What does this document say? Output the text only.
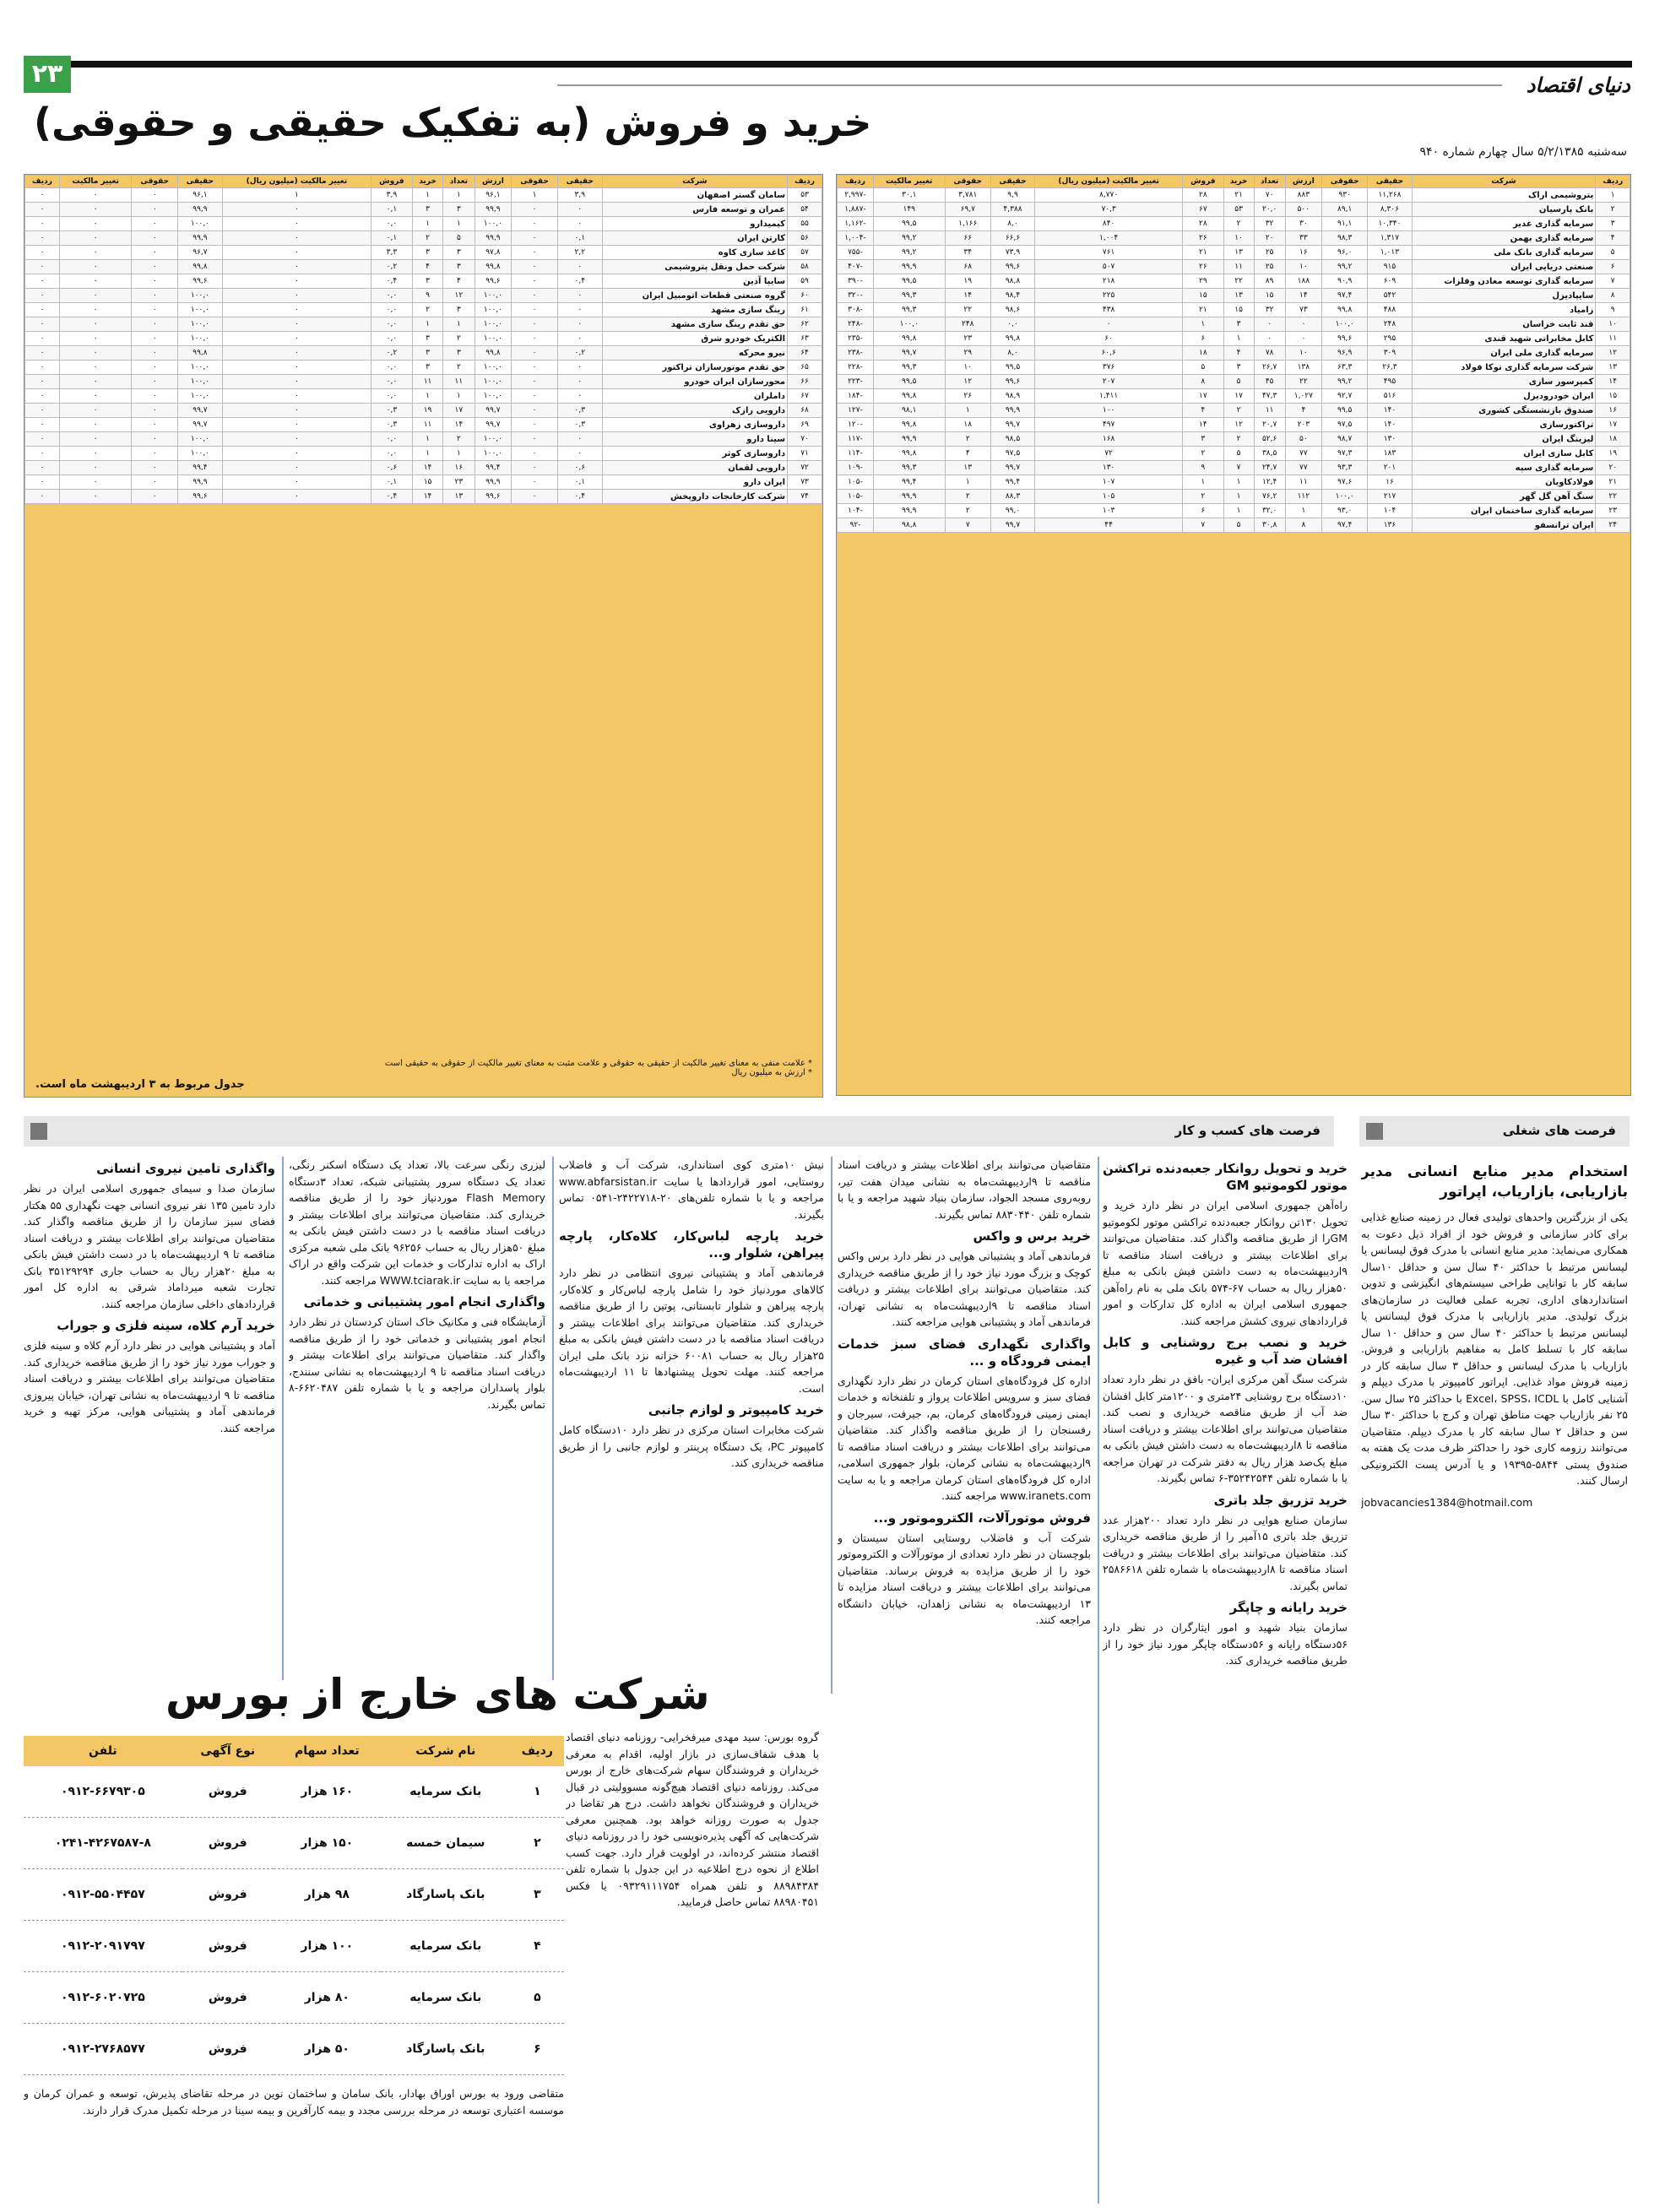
۲۳	دنیای اقتصاد
خرید و فروش (به تفکیک حقیقی و حقوقی)
سه‌شنبه ۵/۲/۱۳۸۵ سال چهارم شماره ۹۴۰
ردیف	شرکت	حقیقی	حقوقی	ارزش	تعداد	خرید	فروش	تغییر مالکیت (میلیون ریال)	حقیقی	حقوقی	تغییر مالکیت	ردیف
۱	پتروشیمی اراک	۱۱,۲۶۸	۹۳۰	۸۸۳	۷۰	۲۱	۲۸	۸,۷۷۰	۹,۹	۳,۷۸۱	۳۰,۱	-۲,۹۹۷
۲	بانک پارسیان	۸,۳۰۶	۸۹,۱	۵۰۰	۲۰,۰	۵۳	۶۷	۷۰,۳	۴,۳۸۸	۶۹,۷	۱۴۹	-۱,۸۸۷
۳	سرمایه گذاری غدیر	۱۰,۳۴۰	۹۱,۱	۳۰	۳۲	۲	۲۸	۸۴۰	۸,۰	۱,۱۶۶	۹۹,۵	-۱,۱۶۲
۴	سرمایه گذاری بهمن	۱,۳۱۷	۹۸,۳	۳۳	۲۰	۱۰	۲۶	۱,۰۰۴	۶۶,۶	۶۶	۹۹,۲	-۱,۰۰۴
۵	سرمایه گذاری بانک ملی	۱,۰۱۳	۹۶,۰	۱۶	۲۵	۱۳	۲۱	۷۶۱	۷۳,۹	۳۴	۹۹,۲	-۷۵۵
۶	صنعتی دریایی ایران	۹۱۵	۹۹,۲	۱۰	۲۵	۱۱	۲۶	۵۰۷	۹۹,۶	۶۸	۹۹,۹	-۴۰۷
۷	سرمایه گذاری توسعه معادن وفلزات	۶۰۹	۹۰,۹	۱۸۸	۸۹	۲۲	۲۹	۲۱۸	۹۸,۸	۱۹	۹۹,۵	-۳۹۰
۸	سایپادیزل	۵۴۲	۹۷,۴	۱۴	۱۵	۱۳	۱۵	۲۲۵	۹۸,۴	۱۴	۹۹,۳	-۳۲۰
۹	زامیاد	۴۸۸	۹۹,۸	۷۳	۳۲	۱۵	۲۱	۴۳۸	۹۸,۶	۲۲	۹۹,۳	-۳۰۸
۱۰	قند ثابت خراسان	۲۴۸	۱۰۰,۰	۰	۰	۳	۱	۰	۰,۰	۲۴۸	۱۰۰,۰	-۲۴۸
۱۱	کابل مخابراتی شهید قندی	۲۹۵	۹۹,۶	۰	۰	۱	۶	۶۰	۹۹,۸	۲۳	۹۹,۸	-۲۳۵
۱۲	سرمایه گذاری ملی ایران	۳۰۹	۹۶,۹	۱۰	۷۸	۴	۱۸	۶۰,۶	۸,۰	۲۹	۹۹,۷	-۲۳۸
۱۳	شرکت سرمایه گذاری توکا فولاد	۲۶,۳	۶۳,۳	۱۳۸	۲۶,۷	۳	۵	۳۷۶	۹۹,۵	۱۰	۹۹,۳	-۲۲۸
۱۴	کمپرسور سازی	۴۹۵	۹۹,۲	۲۲	۴۵	۵	۸	۲۰۷	۹۹,۶	۱۲	۹۹,۵	-۲۲۳
۱۵	ایران خودرودیزل	۵۱۶	۹۲,۷	۱,۰۲۷	۴۷,۳	۱۷	۱۷	۱,۴۱۱	۹۸,۹	۲۶	۹۹,۸	-۱۸۴
۱۶	صندوق بازنشستگی کشوری	۱۴۰	۹۹,۵	۴	۱۱	۲	۴	۱۰۰	۹۹,۹	۱	۹۸,۱	-۱۲۷
۱۷	تراکتورسازی	۱۴۰	۹۷,۵	۲۰۳	۲۰,۷	۱۲	۱۴	۴۹۷	۹۹,۷	۱۸	۹۹,۸	-۱۲۰
۱۸	لیزینگ ایران	۱۳۰	۹۸,۷	۵۰	۵۲,۶	۲	۳	۱۶۸	۹۸,۵	۲	۹۹,۹	-۱۱۷
۱۹	کابل سازی ایران	۱۸۳	۹۷,۳	۷۷	۳۸,۵	۵	۲	۷۲	۹۷,۵	۴	۹۹,۸	-۱۱۴
۲۰	سرمایه گذاری سپه	۲۰۱	۹۳,۳	۷۷	۲۴,۷	۷	۹	۱۳۰	۹۹,۷	۱۳	۹۹,۳	-۱۰۹
۲۱	فولادکاویان	۱۶	۹۷,۶	۱۱	۱۲,۴	۱	۱	۱۰۷	۹۹,۴	۱	۹۹,۴	-۱۰۵
۲۲	سنگ آهن گل گهر	۲۱۷	۱۰۰,۰	۱۱۲	۷۶,۲	۱	۲	۱۰۵	۸۸,۳	۲	۹۹,۹	-۱۰۵
۲۳	سرمایه گذاری ساختمان ایران	۱۰۴	۹۳,۰	۱	۳۲,۰	۱	۶	۱۰۳	۹۹,۰	۲	۹۹,۹	-۱۰۴
۲۴	ایران ترانسفو	۱۳۶	۹۷,۴	۸	۳۰,۸	۵	۷	۴۴	۹۹,۷	۷	۹۸,۸	-۹۲
ردیف	شرکت	حقیقی	حقوقی	ارزش	تعداد	خرید	فروش	تغییر مالکیت (میلیون ریال)	حقیقی	حقوقی	تغییر مالکیت	ردیف
۵۳	سامان گستر اصفهان	۳,۹	۱	۹۶,۱	۱	۱	۳,۹	۱	۹۶,۱	۰	۰	۰
۵۴	عمران و توسعه فارس	۰	۰	۹۹,۹	۳	۳	۰,۱	۰	۹۹,۹	۰	۰	۰
۵۵	کیمیدارو	۰	۰	۱۰۰,۰	۱	۱	۰,۰	۰	۱۰۰,۰	۰	۰	۰
۵۶	کارتن ایران	۰,۱	۰	۹۹,۹	۵	۲	۰,۱	۰	۹۹,۹	۰	۰	۰
۵۷	کاغذ سازی کاوه	۲,۲	۰	۹۷,۸	۳	۳	۳,۳	۰	۹۶,۷	۰	۰	۰
۵۸	شرکت حمل ونقل پتروشیمی	۰	۰	۹۹,۸	۳	۴	۰,۲	۰	۹۹,۸	۰	۰	۰
۵۹	سایپا آذین	۰,۴	۰	۹۹,۶	۴	۳	۰,۴	۰	۹۹,۶	۰	۰	۰
۶۰	گروه صنعتی قطعات اتومبیل ایران	۰	۰	۱۰۰,۰	۱۲	۹	۰,۰	۰	۱۰۰,۰	۰	۰	۰
۶۱	رینگ سازی مشهد	۰	۰	۱۰۰,۰	۳	۲	۰,۰	۰	۱۰۰,۰	۰	۰	۰
۶۲	حق تقدم رینگ سازی مشهد	۰	۰	۱۰۰,۰	۱	۱	۰,۰	۰	۱۰۰,۰	۰	۰	۰
۶۳	الکتریک خودرو شرق	۰	۰	۱۰۰,۰	۲	۳	۰,۰	۰	۱۰۰,۰	۰	۰	۰
۶۴	نیرو محرکه	۰,۲	۰	۹۹,۸	۳	۳	۰,۲	۰	۹۹,۸	۰	۰	۰
۶۵	حق تقدم موتورسازان تراکتور	۰	۰	۱۰۰,۰	۲	۳	۰,۰	۰	۱۰۰,۰	۰	۰	۰
۶۶	محورسازان ایران خودرو	۰	۰	۱۰۰,۰	۱۱	۱۱	۰,۰	۰	۱۰۰,۰	۰	۰	۰
۶۷	داملران	۰	۰	۱۰۰,۰	۱	۱	۰,۰	۰	۱۰۰,۰	۰	۰	۰
۶۸	دارویی رازک	۰,۳	۰	۹۹,۷	۱۷	۱۹	۰,۳	۰	۹۹,۷	۰	۰	۰
۶۹	داروسازی زهراوی	۰,۳	۰	۹۹,۷	۱۴	۱۱	۰,۳	۰	۹۹,۷	۰	۰	۰
۷۰	سینا دارو	۰	۰	۱۰۰,۰	۲	۱	۰,۰	۰	۱۰۰,۰	۰	۰	۰
۷۱	داروسازی کوثر	۰	۰	۱۰۰,۰	۱	۱	۰,۰	۰	۱۰۰,۰	۰	۰	۰
۷۲	دارویی لقمان	۰,۶	۰	۹۹,۴	۱۶	۱۴	۰,۶	۰	۹۹,۴	۰	۰	۰
۷۳	ایران دارو	۰,۱	۰	۹۹,۹	۲۳	۱۵	۰,۱	۰	۹۹,۹	۰	۰	۰
۷۴	شرکت کارخانجات داروپخش	۰,۴	۰	۹۹,۶	۱۳	۱۴	۰,۴	۰	۹۹,۶	۰	۰	۰
* علامت منفی به معنای تغییر مالکیت از حقیقی به حقوقی و علامت مثبت به معنای تغییر مالکیت از حقوقی به حقیقی است
* ارزش به میلیون ریال
جدول مربوط به ۳ اردیبهشت ماه است.
فرصت های کسب و کار	فرصت های شغلی
استخدام مدیر منابع انسانی مدیر بازاریابی، بازاریاب، اپراتور

یکی از بزرگترین واحدهای تولیدی فعال در زمینه صنایع غذایی برای کادر سازمانی و فروش خود از افراد ذیل دعوت به همکاری می‌نماید: مدیر منابع انسانی با مدرک فوق لیسانس یا لیسانس مرتبط با حداکثر ۴۰ سال سن و حداقل ۱۰سال سابقه کار با توانایی طراحی سیستم‌های انگیزشی و تدوین استانداردهای اداری، تجربه عملی فعالیت در سازمان‌های بزرگ تولیدی. مدیر بازاریابی با مدرک فوق لیسانس یا لیسانس مرتبط با حداکثر ۴۰ سال سن و حداقل ۱۰ سال سابقه کار با تسلط کامل به مفاهیم بازاریابی و فروش. بازاریاب با مدرک لیسانس و حداقل ۳ سال سابقه کار در زمینه فروش مواد غذایی. اپراتور کامپیوتر با مدرک دیپلم و آشنایی کامل با Excel، SPSS، ICDL با حداکثر ۲۵ سال سن. ۲۵ نفر بازاریاب جهت مناطق تهران و کرج با حداکثر ۳۰ سال سن و حداقل ۲ سال سابقه کار با مدرک دیپلم. متقاضیان می‌توانند رزومه کاری خود را حداکثر ظرف مدت یک هفته به صندوق پستی ۵۸۴۴-۱۹۳۹۵ و یا آدرس پست الکترونیکی ارسال کنند.

jobvacancies1384@hotmail.com

خرید و تحویل روانکار جعبه‌دنده تراکشن موتور لکوموتیو GM

راه‌آهن جمهوری اسلامی ایران در نظر دارد خرید و تحویل ۱۳۰تن روانکار جعبه‌دنده تراکشن موتور لکوموتیو GMرا از طریق مناقصه واگذار کند. متقاضیان می‌توانند برای اطلاعات بیشتر و دریافت اسناد مناقصه تا ۹اردیبهشت‌ماه به دست داشتن فیش بانکی به مبلغ ۵۰هزار ریال به حساب ۶۷-۵۷۴ بانک ملی به نام راه‌آهن جمهوری اسلامی ایران به اداره کل تدارکات و امور قراردادهای نیروی کشش مراجعه کنند.

خرید و نصب برج روشنایی و کابل افشان ضد آب و غیره

شرکت سنگ آهن مرکزی ایران- بافق در نظر دارد تعداد ۱۰دستگاه برج روشنایی ۲۴متری و ۱۲۰۰متر کابل افشان ضد آب از طریق مناقصه خریداری و نصب کند. متقاضیان می‌توانند برای اطلاعات بیشتر و دریافت اسناد مناقصه تا ۸اردیبهشت‌ماه به دست داشتن فیش بانکی به مبلغ یک‌صد هزار ریال به دفتر شرکت در تهران مراجعه یا با شماره تلفن ۳۵۲۴۲۵۴۴-۶ تماس بگیرند.

خرید تزریق جلد باتری

سازمان صنایع هوایی در نظر دارد تعداد ۲۰۰هزار عدد تزریق جلد باتری ۱۵آمپر را از طریق مناقصه خریداری کند. متقاضیان می‌توانند برای اطلاعات بیشتر و دریافت اسناد مناقصه تا ۸اردیبهشت‌ماه با شماره تلفن ۲۵۸۶۶۱۸ تماس بگیرند.

خرید رایانه و چاپگر

سازمان بنیاد شهید و امور ایثارگران در نظر دارد ۵۶دستگاه رایانه و ۵۶دستگاه چاپگر مورد نیاز خود را از طریق مناقصه خریداری کند.

متقاضیان می‌توانند برای اطلاعات بیشتر و دریافت اسناد مناقصه تا ۹اردیبهشت‌ماه به نشانی میدان هفت تیر، روبه‌روی مسجد الجواد، سازمان بنیاد شهید مراجعه و یا با شماره تلفن ۸۸۳۰۴۴۰ تماس بگیرند.

خرید برس و واکس

فرماندهی آماد و پشتیبانی هوایی در نظر دارد برس واکس کوچک و بزرگ مورد نیاز خود را از طریق مناقصه خریداری کند. متقاضیان می‌توانند برای اطلاعات بیشتر و دریافت اسناد مناقصه تا ۹اردیبهشت‌ماه به نشانی تهران، فرماندهی آماد و پشتیبانی هوایی مراجعه کنند.

واگذاری نگهداری فضای سبز خدمات ایمنی فرودگاه و ...

اداره کل فرودگاه‌های استان کرمان در نظر دارد نگهداری فضای سبز و سرویس اطلاعات پرواز و تلفنخانه و خدمات ایمنی زمینی فرودگاه‌های کرمان، بم، جیرفت، سیرجان و رفسنجان را از طریق مناقصه واگذار کند. متقاضیان می‌توانند برای اطلاعات بیشتر و دریافت اسناد مناقصه تا ۹اردیبهشت‌ماه به نشانی کرمان، بلوار جمهوری اسلامی، اداره کل فرودگاه‌های استان کرمان مراجعه و یا به سایت www.iranets.com مراجعه کنند.

فروش موتورآلات، الکتروموتور و...

شرکت آب و فاضلاب روستایی استان سیستان و بلوچستان در نظر دارد تعدادی از موتورآلات و الکتروموتور خود را از طریق مزایده به فروش برساند. متقاضیان می‌توانند برای اطلاعات بیشتر و دریافت اسناد مزایده تا ۱۳ اردیبهشت‌ماه به نشانی زاهدان، خیابان دانشگاه مراجعه کنند.

نیش ۱۰متری کوی استانداری، شرکت آب و فاضلاب روستایی، امور قراردادها یا سایت www.abfarsistan.ir مراجعه و یا با شماره تلفن‌های ۲۰-۲۴۲۲۷۱۸-۰۵۴۱ تماس بگیرند.

خرید پارچه لباس‌کار، کلاه‌کار، پارچه پیراهن، شلوار و...

فرماندهی آماد و پشتیبانی نیروی انتظامی در نظر دارد کالاهای موردنیاز خود را شامل پارچه لباس‌کار و کلاه‌کار، پارچه پیراهن و شلوار تابستانی، پوتین را از طریق مناقصه خریداری کند. متقاضیان می‌توانند برای اطلاعات بیشتر و دریافت اسناد مناقصه با در دست داشتن فیش بانکی به مبلغ ۲۵هزار ریال به حساب ۶۰۰۸۱ خزانه نزد بانک ملی ایران مراجعه کنند. مهلت تحویل پیشنهادها تا ۱۱ اردیبهشت‌ماه است.

خرید کامپیوتر و لوازم جانبی

شرکت مخابرات استان مرکزی در نظر دارد ۱۰دستگاه کامل کامپیوتر PC، یک دستگاه پرینتر و لوازم جانبی را از طریق مناقصه خریداری کند.

لیزری رنگی سرعت بالا، تعداد یک دستگاه اسکنر رنگی، تعداد یک دستگاه سرور پشتیبانی شبکه، تعداد ۳دستگاه Flash Memory موردنیاز خود را از طریق مناقصه خریداری کند. متقاضیان می‌توانند برای اطلاعات بیشتر و دریافت اسناد مناقصه با در دست داشتن فیش بانکی به مبلغ ۵۰هزار ریال به حساب ۹۶۲۵۶ بانک ملی شعبه مرکزی اراک به اداره تدارکات و خدمات این شرکت واقع در اراک مراجعه یا به سایت WWW.tciarak.ir مراجعه کنند.

واگذاری انجام امور پشتیبانی و خدماتی

آزمایشگاه فنی و مکانیک خاک استان کردستان در نظر دارد انجام امور پشتیبانی و خدماتی خود را از طریق مناقصه واگذار کند. متقاضیان می‌توانند برای اطلاعات بیشتر و دریافت اسناد مناقصه تا ۹ اردیبهشت‌ماه به نشانی سنندج، بلوار پاسداران مراجعه و یا با شماره تلفن ۶۶۲۰۴۸۷-۸ تماس بگیرند.

واگذاری تامین نیروی انسانی

سازمان صدا و سیمای جمهوری اسلامی ایران در نظر دارد تامین ۱۳۵ نفر نیروی انسانی جهت نگهداری ۵۵ هکتار فضای سبز سازمان را از طریق مناقصه واگذار کند. متقاضیان می‌توانند برای اطلاعات بیشتر و دریافت اسناد مناقصه تا ۹ اردیبهشت‌ماه با در دست داشتن فیش بانکی به مبلغ ۲۰هزار ریال به حساب جاری ۳۵۱۲۹۲۹۴ بانک تجارت شعبه میرداماد شرقی به اداره کل امور قراردادهای داخلی سازمان مراجعه کنند.

خرید آرم کلاه، سینه فلزی و جوراب

آماد و پشتیبانی هوایی در نظر دارد آرم کلاه و سینه فلزی و جوراب مورد نیاز خود را از طریق مناقصه خریداری کند. متقاضیان می‌توانند برای اطلاعات بیشتر و دریافت اسناد مناقصه تا ۹ اردیبهشت‌ماه به نشانی تهران، خیابان پیروزی فرماندهی آماد و پشتیبانی هوایی، مرکز تهیه و خرید مراجعه کنند.

شرکت های خارج از بورس
ردیف	نام شرکت	تعداد سهام	نوع آگهی	تلفن
۱	بانک سرمایه	۱۶۰ هزار	فروش	۰۹۱۲-۶۶۷۹۳۰۵
۲	سیمان خمسه	۱۵۰ هزار	فروش	۰۲۴۱-۴۲۶۷۵۸۷-۸
۳	بانک پاسارگاد	۹۸ هزار	فروش	۰۹۱۲-۵۵۰۴۴۵۷
۴	بانک سرمایه	۱۰۰ هزار	فروش	۰۹۱۲-۲۰۹۱۷۹۷
۵	بانک سرمایه	۸۰ هزار	فروش	۰۹۱۲-۶۰۲۰۷۲۵
۶	بانک پاسارگاد	۵۰ هزار	فروش	۰۹۱۲-۲۷۶۸۵۷۷

گروه بورس: سید مهدی میرفخرایی- روزنامه دنیای اقتصاد با هدف شفاف‌سازی در بازار اولیه، اقدام به معرفی خریداران و فروشندگان سهام شرکت‌های خارج از بورس می‌کند. روزنامه دنیای اقتصاد هیچ‌گونه مسوولیتی در قبال خریداران و فروشندگان نخواهد داشت. درج هر تقاضا در جدول به صورت روزانه خواهد بود. همچنین معرفی شرکت‌هایی که آگهی پذیره‌نویسی خود را در روزنامه دنیای اقتصاد منتشر کرده‌اند، در اولویت قرار دارد. جهت کسب اطلاع از نحوه درج اطلاعیه در این جدول با شماره تلفن ۸۸۹۸۴۳۸۴ و تلفن همراه ۰۹۳۲۹۱۱۱۷۵۴ یا فکس ۸۸۹۸۰۴۵۱ تماس حاصل فرمایید.

متقاضی ورود به بورس اوراق بهادار، بانک سامان و ساختمان نوین در مرحله تقاضای پذیرش، توسعه و عمران کرمان و موسسه اعتباری توسعه در مرحله بررسی مجدد و بیمه کارآفرین و بیمه سینا در مرحله تکمیل مدرک قرار دارند.
